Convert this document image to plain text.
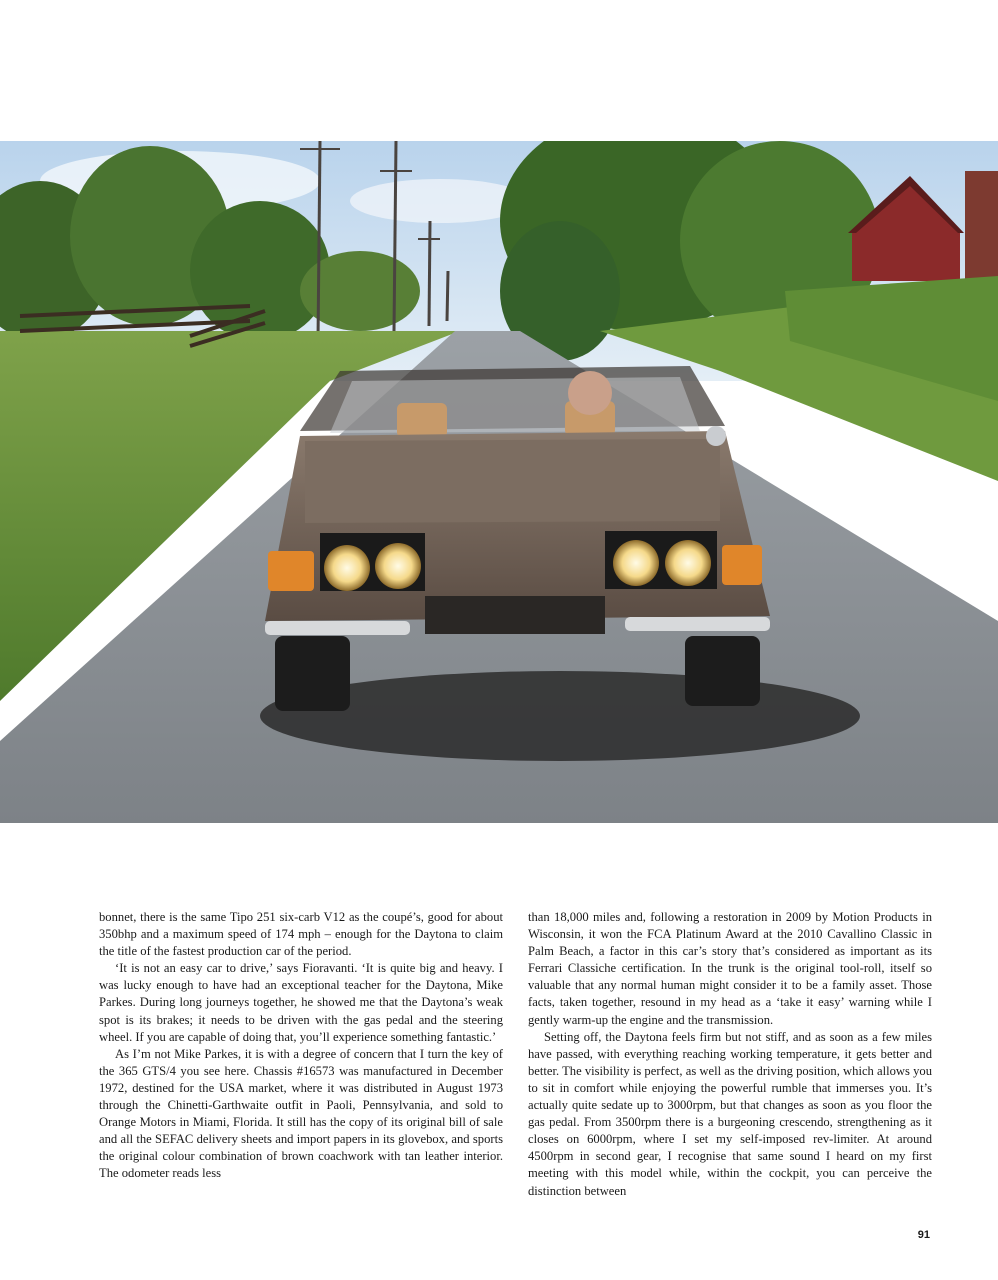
bonnet, there is the same Tipo 251 six-carb V12 as the coupé’s, good for about 350bhp and a maximum speed of 174 mph – enough for the Daytona to claim the title of the fastest production car of the period.

‘It is not an easy car to drive,’ says Fioravanti. ‘It is quite big and heavy. I was lucky enough to have had an exceptional teacher for the Daytona, Mike Parkes. During long journeys together, he showed me that the Daytona’s weak spot is its brakes; it needs to be driven with the gas pedal and the steering wheel. If you are capable of doing that, you’ll experience something fantastic.’

As I’m not Mike Parkes, it is with a degree of concern that I turn the key of the 365 GTS/4 you see here. Chassis #16573 was manufactured in December 1972, destined for the USA market, where it was distributed in August 1973 through the Chinetti-Garthwaite outfit in Paoli, Pennsylvania, and sold to Orange Motors in Miami, Florida. It still has the copy of its original bill of sale and all the SEFAC delivery sheets and import papers in its glovebox, and sports the original colour combination of brown coachwork with tan leather interior. The odometer reads less

than 18,000 miles and, following a restoration in 2009 by Motion Products in Wisconsin, it won the FCA Platinum Award at the 2010 Cavallino Classic in Palm Beach, a factor in this car’s story that’s considered as important as its Ferrari Classiche certification. In the trunk is the original tool-roll, itself so valuable that any normal human might consider it to be a family asset. Those facts, taken together, resound in my head as a ‘take it easy’ warning while I gently warm-up the engine and the transmission.

Setting off, the Daytona feels firm but not stiff, and as soon as a few miles have passed, with everything reaching working temperature, it gets better and better. The visibility is perfect, as well as the driving position, which allows you to sit in comfort while enjoying the powerful rumble that immerses you. It’s actually quite sedate up to 3000rpm, but that changes as soon as you floor the gas pedal. From 3500rpm there is a burgeoning crescendo, strengthening as it closes on 6000rpm, where I set my self-imposed rev-limiter. At around 4500rpm in second gear, I recognise that same sound I heard on my first meeting with this model while, within the cockpit, you can perceive the distinction between

91
